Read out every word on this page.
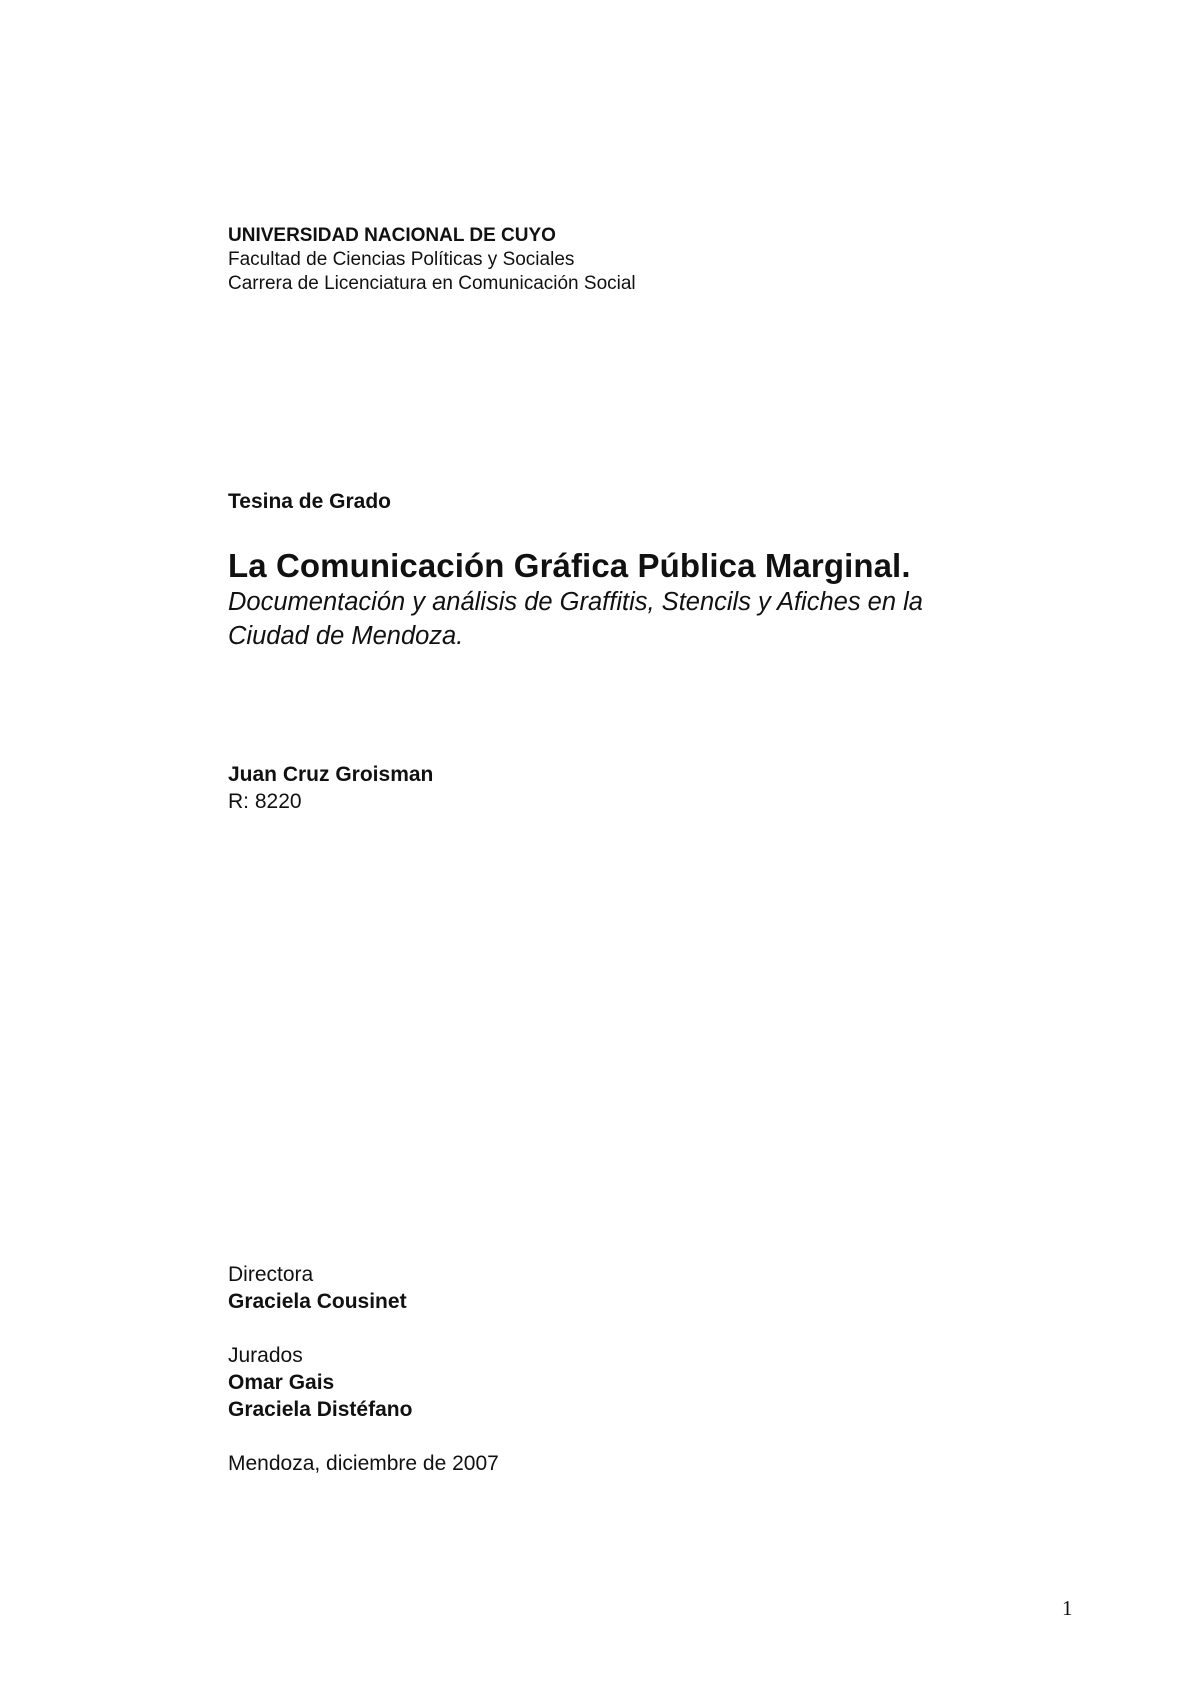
UNIVERSIDAD NACIONAL DE CUYO
Facultad de Ciencias Políticas y Sociales
Carrera de Licenciatura en Comunicación Social
Tesina de Grado
La Comunicación Gráfica Pública Marginal.
Documentación y análisis de Graffitis, Stencils y Afiches en la
Ciudad de Mendoza.
Juan Cruz Groisman
R: 8220
Directora
Graciela Cousinet
Jurados
Omar Gais
Graciela Distéfano
Mendoza, diciembre de 2007
1
